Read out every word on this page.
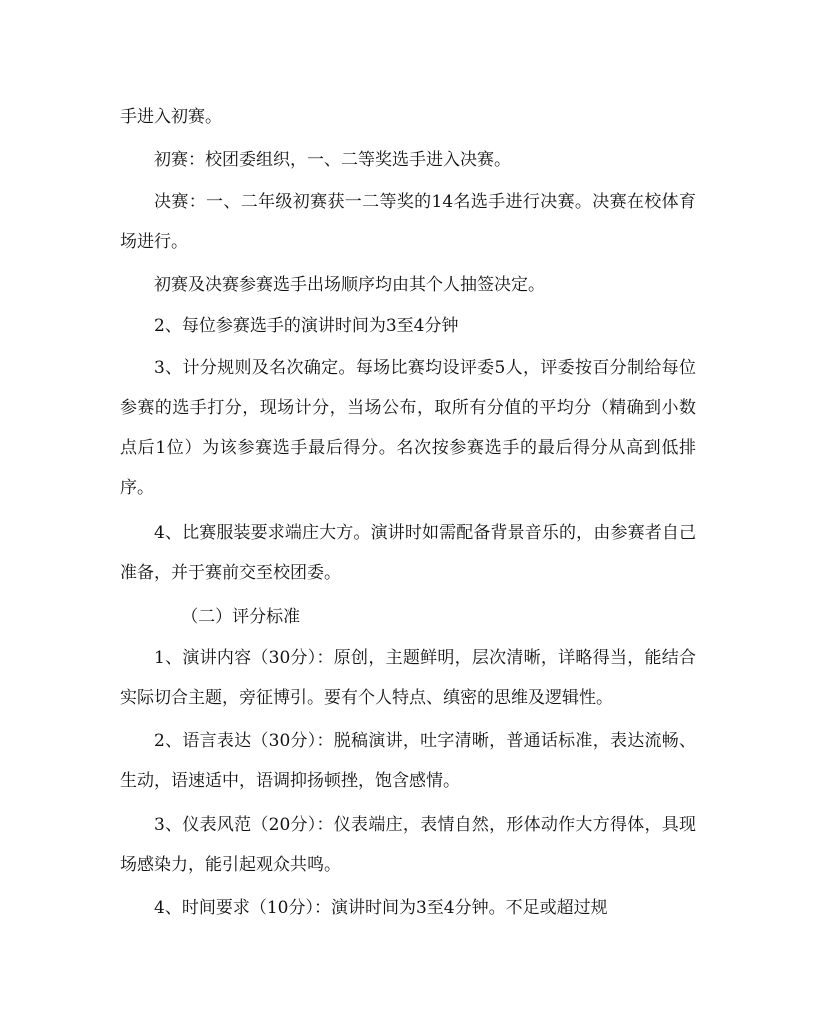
手进入初赛。

初赛：校团委组织，一、二等奖选手进入决赛。

决赛：一、二年级初赛获一二等奖的14名选手进行决赛。决赛在校体育场进行。

初赛及决赛参赛选手出场顺序均由其个人抽签决定。

2、每位参赛选手的演讲时间为3至4分钟

3、计分规则及名次确定。每场比赛均设评委5人，评委按百分制给每位参赛的选手打分，现场计分，当场公布，取所有分值的平均分（精确到小数点后1位）为该参赛选手最后得分。名次按参赛选手的最后得分从高到低排序。

4、比赛服装要求端庄大方。演讲时如需配备背景音乐的，由参赛者自己准备，并于赛前交至校团委。

（二）评分标准

1、演讲内容（30分）：原创，主题鲜明，层次清晰，详略得当，能结合实际切合主题，旁征博引。要有个人特点、缜密的思维及逻辑性。

2、语言表达（30分）：脱稿演讲，吐字清晰，普通话标准，表达流畅、生动，语速适中，语调抑扬顿挫，饱含感情。

3、仪表风范（20分）：仪表端庄，表情自然，形体动作大方得体，具现场感染力，能引起观众共鸣。

4、时间要求（10分）：演讲时间为3至4分钟。不足或超过规
